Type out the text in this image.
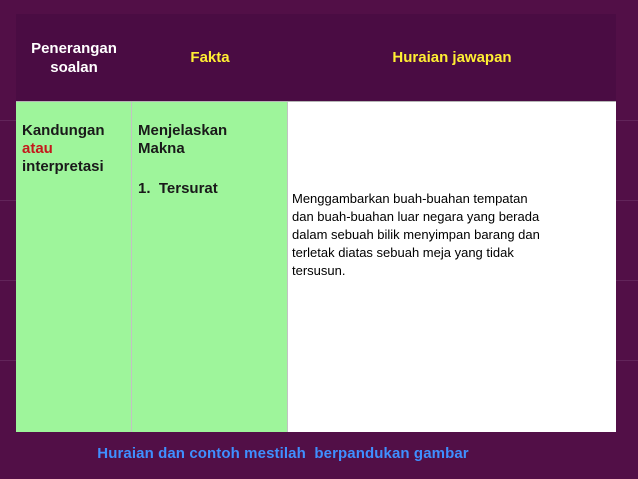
Penerangan
soalan
Fakta	Huraian jawapan
Kandungan
atau
interpretasi
Menjelaskan
Makna
1.  Tersurat
Menggambarkan buah-buahan tempatan
dan buah-buahan luar negara yang berada
dalam sebuah bilik menyimpan barang dan
terletak diatas sebuah meja yang tidak
tersusun.
Huraian dan contoh mestilah  berpandukan gambar
